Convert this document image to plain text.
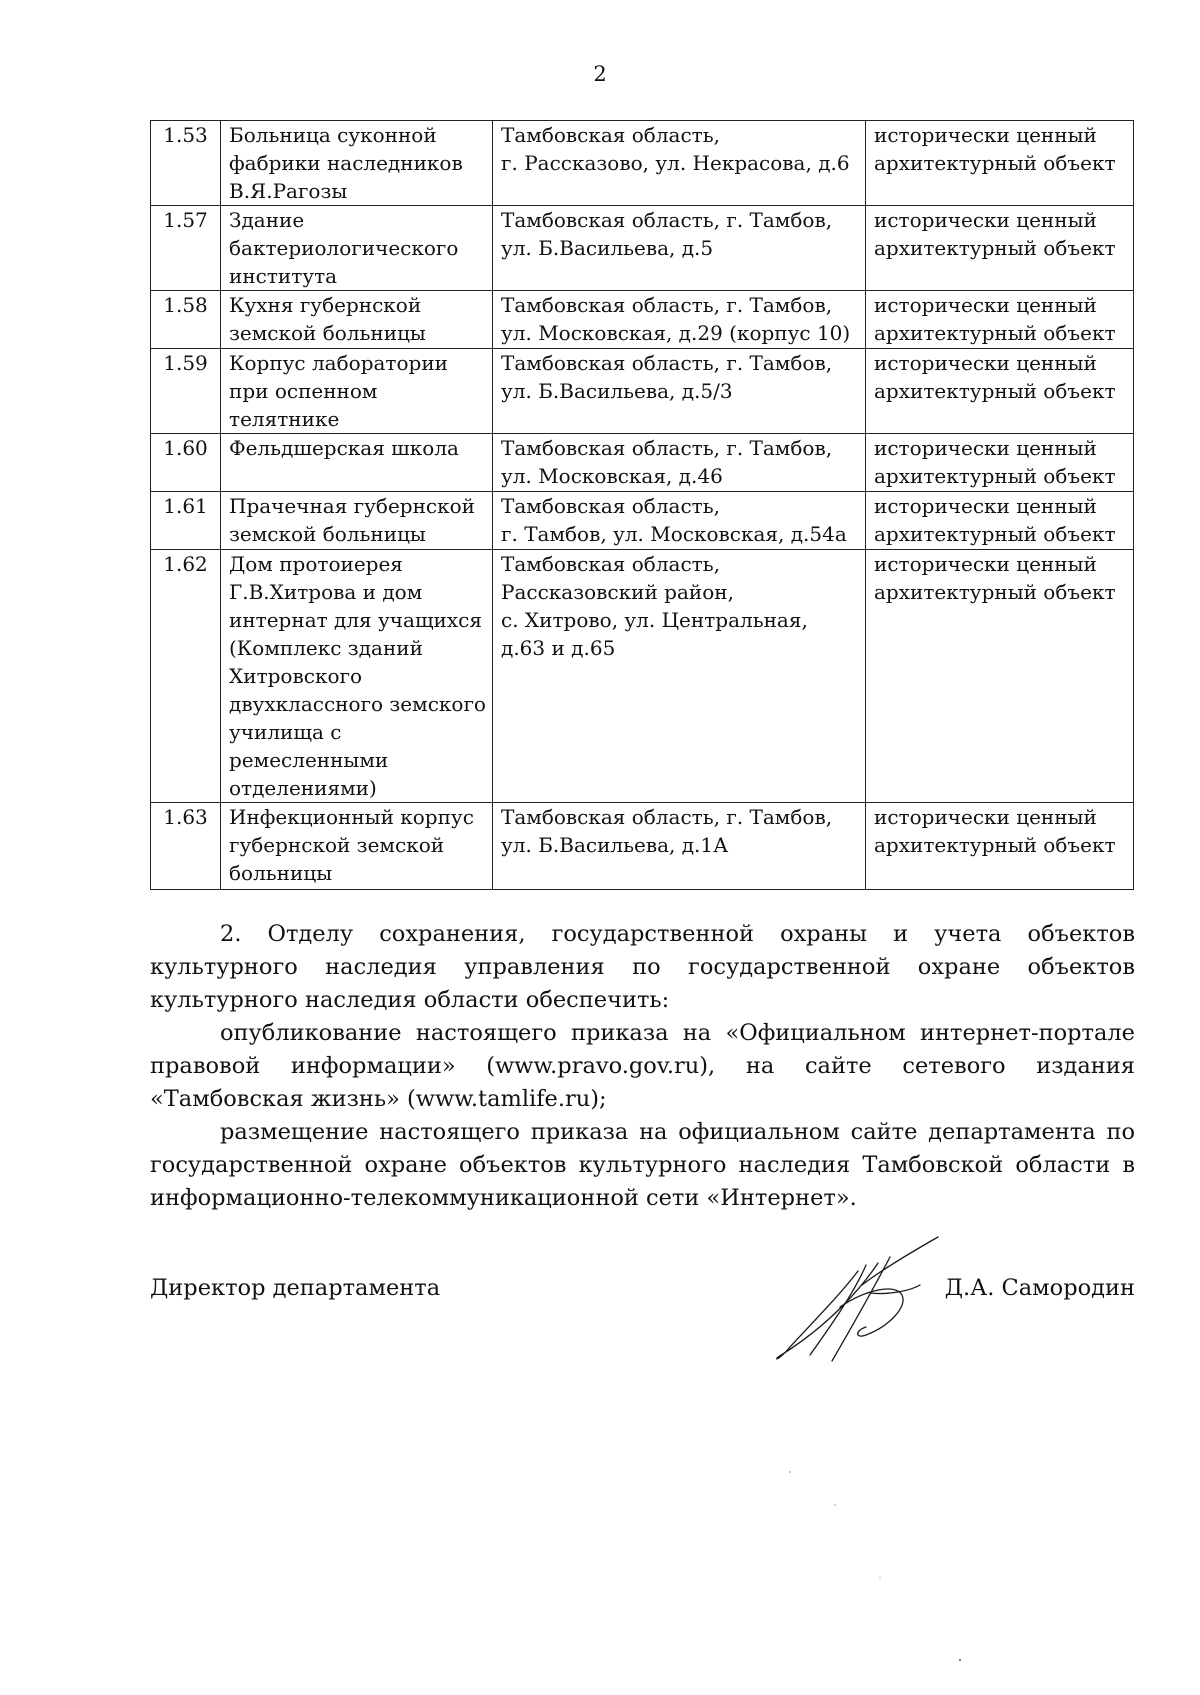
2
1.53	Больница суконной фабрики наследников В.Я.Рагозы	Тамбовская область,
г. Рассказово, ул. Некрасова, д.6	исторически ценный
архитектурный объект

1.57	Здание бактериологического института	Тамбовская область, г. Тамбов,
ул. Б.Васильева, д.5	исторически ценный
архитектурный объект

1.58	Кухня губернской земской больницы	Тамбовская область, г. Тамбов,
ул. Московская, д.29 (корпус 10)	исторически ценный
архитектурный объект

1.59	Корпус лаборатории при оспенном телятнике	Тамбовская область, г. Тамбов,
ул. Б.Васильева, д.5/3	исторически ценный
архитектурный объект

1.60	Фельдшерская школа	Тамбовская область, г. Тамбов,
ул. Московская, д.46	исторически ценный
архитектурный объект

1.61	Прачечная губернской земской больницы	Тамбовская область,
г. Тамбов, ул. Московская, д.54а	исторически ценный
архитектурный объект

1.62	Дом протоиерея Г.В.Хитрова и дом интернат для учащихся (Комплекс зданий Хитровского двухклассного земского училища с ремесленными отделениями)	Тамбовская область,
Рассказовский район,
с. Хитрово, ул. Центральная,
д.63 и д.65	исторически ценный
архитектурный объект

1.63	Инфекционный корпус губернской земской больницы	Тамбовская область, г. Тамбов,
ул. Б.Васильева, д.1А	исторически ценный
архитектурный объект

2. Отделу сохранения, государственной охраны и учета объектов культурного наследия управления по государственной охране объектов культурного наследия области обеспечить:

опубликование настоящего приказа на «Официальном интернет-портале правовой информации» (www.pravo.gov.ru), на сайте сетевого издания «Тамбовская жизнь» (www.tamlife.ru);

размещение настоящего приказа на официальном сайте департамента по государственной охране объектов культурного наследия Тамбовской области в информационно-телекоммуникационной сети «Интернет».

Директор департамента	Д.А. Самородин
